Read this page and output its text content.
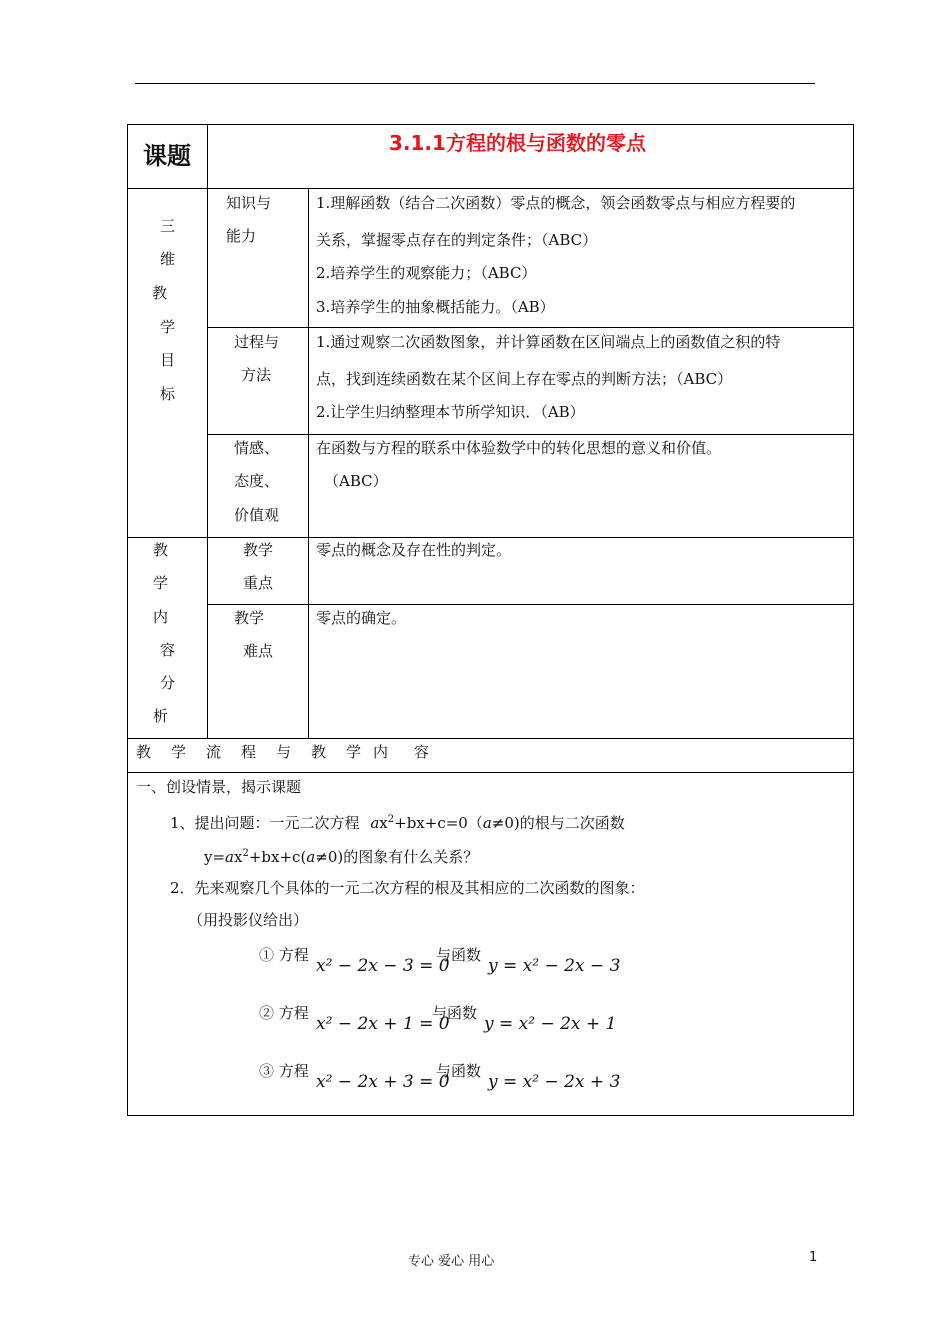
课题	3.1.1方程的根与函数的零点
三
维
教
学
目
标
知识与
能力
1.理解函数（结合二次函数）零点的概念，领会函数零点与相应方程要的
关系，掌握零点存在的判定条件；（ABC）
2.培养学生的观察能力；（ABC）
3.培养学生的抽象概括能力。（AB）
过程与
方法
1.通过观察二次函数图象，并计算函数在区间端点上的函数值之积的特
点，找到连续函数在某个区间上存在零点的判断方法；（ABC）
2.让学生归纳整理本节所学知识．（AB）
情感、
态度、
价值观
在函数与方程的联系中体验数学中的转化思想的意义和价值。
（ABC）
教
学
内
容
分
析
教学
重点
零点的概念及存在性的判定。
教学
难点
零点的确定。
教 学 流 程 与 教 学 内 容
一、创设情景，揭示课题
1、提出问题：一元二次方程 $ax^2+bx+c=0(a\ne 0)$的根与二次函数
$y=ax^2+bx+c(a\ne 0)$的图象有什么关系？
2．先来观察几个具体的一元二次方程的根及其相应的二次函数的图象：
（用投影仪给出）
① 方程
x² − 2x − 3 = 0
与函数
y = x² − 2x − 3
② 方程
x² − 2x + 1 = 0
与函数
y = x² − 2x + 1
③ 方程
x² − 2x + 3 = 0
与函数
y = x² − 2x + 3
专心 爱心 用心	1
